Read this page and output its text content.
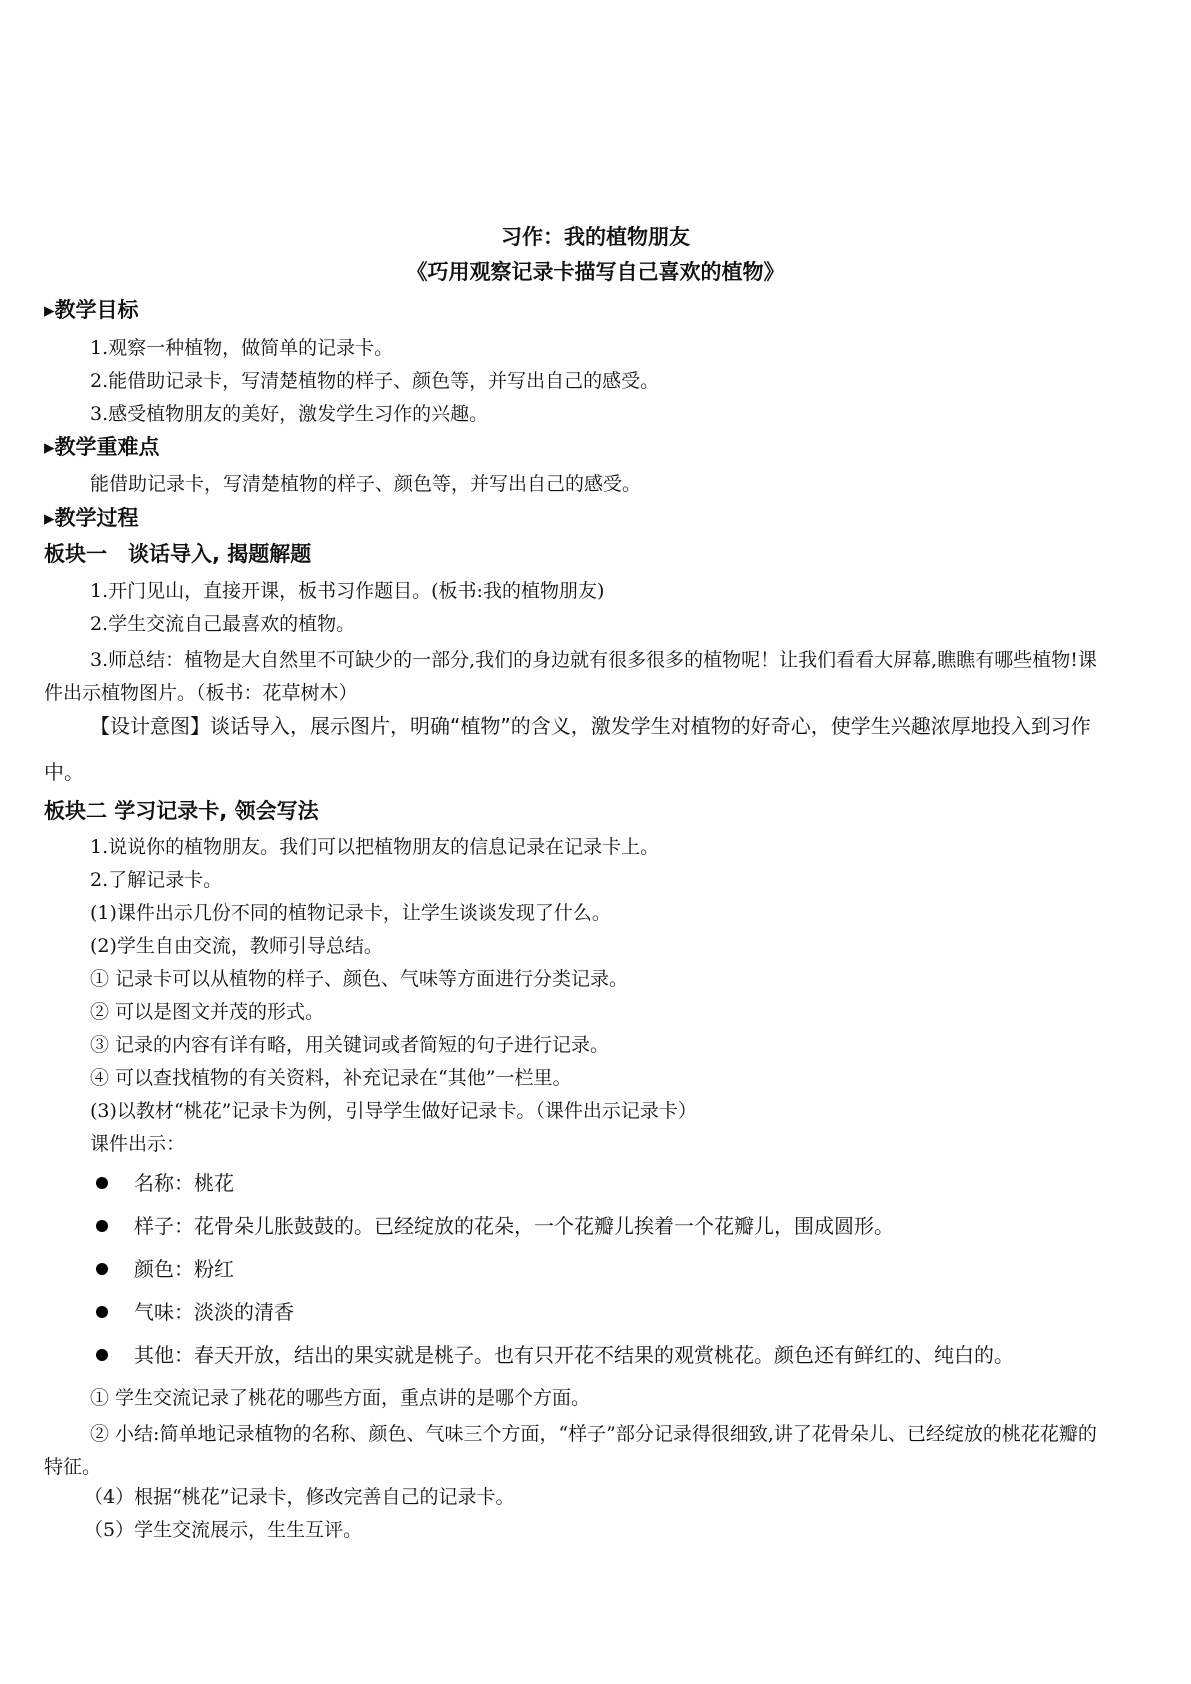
习作：我的植物朋友
《巧用观察记录卡描写自己喜欢的植物》
▸教学目标
1.观察一种植物，做简单的记录卡。
2.能借助记录卡，写清楚植物的样子、颜色等，并写出自己的感受。
3.感受植物朋友的美好，激发学生习作的兴趣。
▸教学重难点
能借助记录卡，写清楚植物的样子、颜色等，并写出自己的感受。
▸教学过程
板块一　谈话导入, 揭题解题
1.开门见山，直接开课，板书习作题目。(板书:我的植物朋友)
2.学生交流自己最喜欢的植物。
3.师总结：植物是大自然里不可缺少的一部分,我们的身边就有很多很多的植物呢！让我们看看大屏幕,瞧瞧有哪些植物!课件出示植物图片。（板书：花草树木）
【设计意图】谈话导入，展示图片，明确“植物”的含义，激发学生对植物的好奇心，使学生兴趣浓厚地投入到习作中。
板块二 学习记录卡, 领会写法
1.说说你的植物朋友。我们可以把植物朋友的信息记录在记录卡上。
2.了解记录卡。
(1)课件出示几份不同的植物记录卡，让学生谈谈发现了什么。
(2)学生自由交流，教师引导总结。
① 记录卡可以从植物的样子、颜色、气味等方面进行分类记录。
② 可以是图文并茂的形式。
③ 记录的内容有详有略，用关键词或者简短的句子进行记录。
④ 可以查找植物的有关资料，补充记录在“其他”一栏里。
(3)以教材“桃花”记录卡为例，引导学生做好记录卡。（课件出示记录卡）
课件出示：
名称：桃花
样子：花骨朵儿胀鼓鼓的。已经绽放的花朵，一个花瓣儿挨着一个花瓣儿，围成圆形。
颜色：粉红
气味：淡淡的清香
其他：春天开放，结出的果实就是桃子。也有只开花不结果的观赏桃花。颜色还有鲜红的、纯白的。
① 学生交流记录了桃花的哪些方面，重点讲的是哪个方面。
② 小结:简单地记录植物的名称、颜色、气味三个方面，“样子”部分记录得很细致,讲了花骨朵儿、已经绽放的桃花花瓣的特征。
（4）根据“桃花”记录卡，修改完善自己的记录卡。
（5）学生交流展示，生生互评。
